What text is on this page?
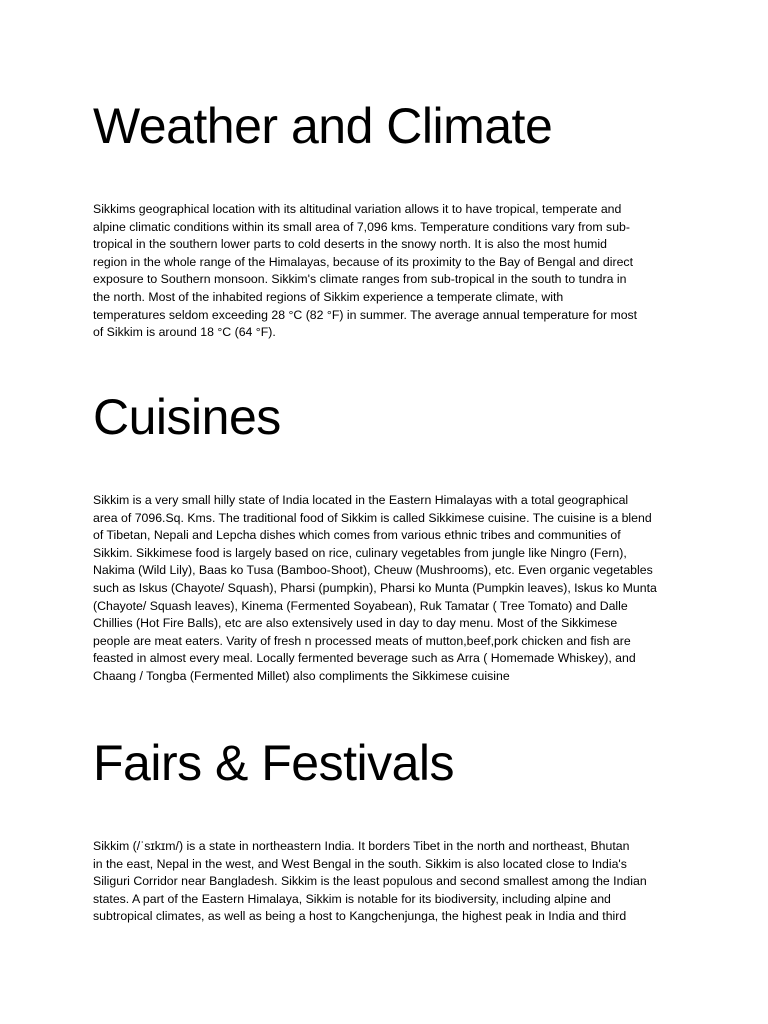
Weather and Climate
Sikkims geographical location with its altitudinal variation allows it to have tropical, temperate and
alpine climatic conditions within its small area of 7,096 kms. Temperature conditions vary from sub-
tropical in the southern lower parts to cold deserts in the snowy north. It is also the most humid
region in the whole range of the Himalayas, because of its proximity to the Bay of Bengal and direct
exposure to Southern monsoon. Sikkim's climate ranges from sub-tropical in the south to tundra in
the north. Most of the inhabited regions of Sikkim experience a temperate climate, with
temperatures seldom exceeding 28 °C (82 °F) in summer. The average annual temperature for most
of Sikkim is around 18 °C (64 °F).
Cuisines
Sikkim is a very small hilly state of India located in the Eastern Himalayas with a total geographical
area of 7096.Sq. Kms. The traditional food of Sikkim is called Sikkimese cuisine. The cuisine is a blend
of Tibetan, Nepali and Lepcha dishes which comes from various ethnic tribes and communities of
Sikkim. Sikkimese food is largely based on rice, culinary vegetables from jungle like Ningro (Fern),
Nakima (Wild Lily), Baas ko Tusa (Bamboo-Shoot), Cheuw (Mushrooms), etc. Even organic vegetables
such as Iskus (Chayote/ Squash), Pharsi (pumpkin), Pharsi ko Munta (Pumpkin leaves), Iskus ko Munta
(Chayote/ Squash leaves), Kinema (Fermented Soyabean), Ruk Tamatar ( Tree Tomato) and Dalle
Chillies (Hot Fire Balls), etc are also extensively used in day to day menu. Most of the Sikkimese
people are meat eaters. Varity of fresh n processed meats of mutton,beef,pork chicken and fish are
feasted in almost every meal. Locally fermented beverage such as Arra ( Homemade Whiskey), and
Chaang / Tongba (Fermented Millet) also compliments the Sikkimese cuisine
Fairs & Festivals
Sikkim (/ˈsɪkɪm/) is a state in northeastern India. It borders Tibet in the north and northeast, Bhutan
in the east, Nepal in the west, and West Bengal in the south. Sikkim is also located close to India's
Siliguri Corridor near Bangladesh. Sikkim is the least populous and second smallest among the Indian
states. A part of the Eastern Himalaya, Sikkim is notable for its biodiversity, including alpine and
subtropical climates, as well as being a host to Kangchenjunga, the highest peak in India and third
